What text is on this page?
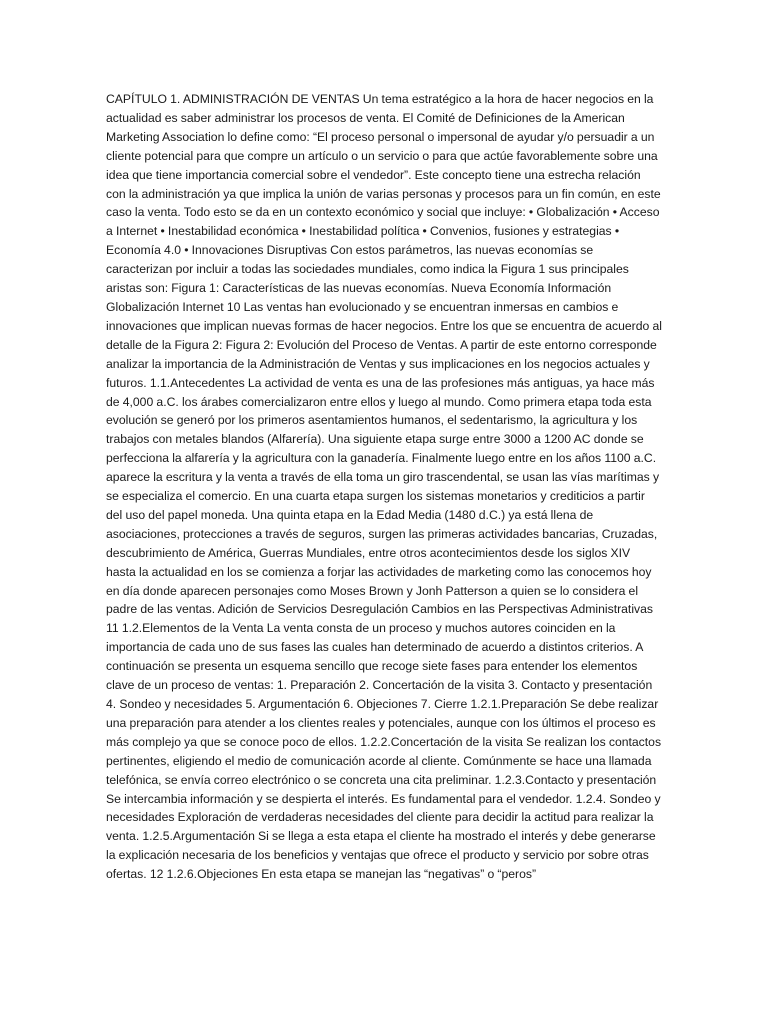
CAPÍTULO 1. ADMINISTRACIÓN DE VENTAS Un tema estratégico a la hora de hacer negocios en la actualidad es saber administrar los procesos de venta. El Comité de Definiciones de la American Marketing Association lo define como: “El proceso personal o impersonal de ayudar y/o persuadir a un cliente potencial para que compre un artículo o un servicio o para que actúe favorablemente sobre una idea que tiene importancia comercial sobre el vendedor”. Este concepto tiene una estrecha relación con la administración ya que implica la unión de varias personas y procesos para un fin común, en este caso la venta. Todo esto se da en un contexto económico y social que incluye: • Globalización • Acceso a Internet • Inestabilidad económica • Inestabilidad política • Convenios, fusiones y estrategias • Economía 4.0 • Innovaciones Disruptivas Con estos parámetros, las nuevas economías se caracterizan por incluir a todas las sociedades mundiales, como indica la Figura 1 sus principales aristas son: Figura 1: Características de las nuevas economías. Nueva Economía Información Globalización Internet 10 Las ventas han evolucionado y se encuentran inmersas en cambios e innovaciones que implican nuevas formas de hacer negocios. Entre los que se encuentra de acuerdo al detalle de la Figura 2: Figura 2: Evolución del Proceso de Ventas. A partir de este entorno corresponde analizar la importancia de la Administración de Ventas y sus implicaciones en los negocios actuales y futuros. 1.1.Antecedentes La actividad de venta es una de las profesiones más antiguas, ya hace más de 4,000 a.C. los árabes comercializaron entre ellos y luego al mundo. Como primera etapa toda esta evolución se generó por los primeros asentamientos humanos, el sedentarismo, la agricultura y los trabajos con metales blandos (Alfarería). Una siguiente etapa surge entre 3000 a 1200 AC donde se perfecciona la alfarería y la agricultura con la ganadería. Finalmente luego entre en los años 1100 a.C. aparece la escritura y la venta a través de ella toma un giro trascendental, se usan las vías marítimas y se especializa el comercio. En una cuarta etapa surgen los sistemas monetarios y crediticios a partir del uso del papel moneda. Una quinta etapa en la Edad Media (1480 d.C.) ya está llena de asociaciones, protecciones a través de seguros, surgen las primeras actividades bancarias, Cruzadas, descubrimiento de América, Guerras Mundiales, entre otros acontecimientos desde los siglos XIV hasta la actualidad en los se comienza a forjar las actividades de marketing como las conocemos hoy en día donde aparecen personajes como Moses Brown y Jonh Patterson a quien se lo considera el padre de las ventas. Adición de Servicios Desregulación Cambios en las Perspectivas Administrativas 11 1.2.Elementos de la Venta La venta consta de un proceso y muchos autores coinciden en la importancia de cada uno de sus fases las cuales han determinado de acuerdo a distintos criterios. A continuación se presenta un esquema sencillo que recoge siete fases para entender los elementos clave de un proceso de ventas: 1. Preparación 2. Concertación de la visita 3. Contacto y presentación 4. Sondeo y necesidades 5. Argumentación 6. Objeciones 7. Cierre 1.2.1.Preparación Se debe realizar una preparación para atender a los clientes reales y potenciales, aunque con los últimos el proceso es más complejo ya que se conoce poco de ellos. 1.2.2.Concertación de la visita Se realizan los contactos pertinentes, eligiendo el medio de comunicación acorde al cliente. Comúnmente se hace una llamada telefónica, se envía correo electrónico o se concreta una cita preliminar. 1.2.3.Contacto y presentación Se intercambia información y se despierta el interés. Es fundamental para el vendedor. 1.2.4. Sondeo y necesidades Exploración de verdaderas necesidades del cliente para decidir la actitud para realizar la venta. 1.2.5.Argumentación Si se llega a esta etapa el cliente ha mostrado el interés y debe generarse la explicación necesaria de los beneficios y ventajas que ofrece el producto y servicio por sobre otras ofertas. 12 1.2.6.Objeciones En esta etapa se manejan las “negativas” o “peros”
